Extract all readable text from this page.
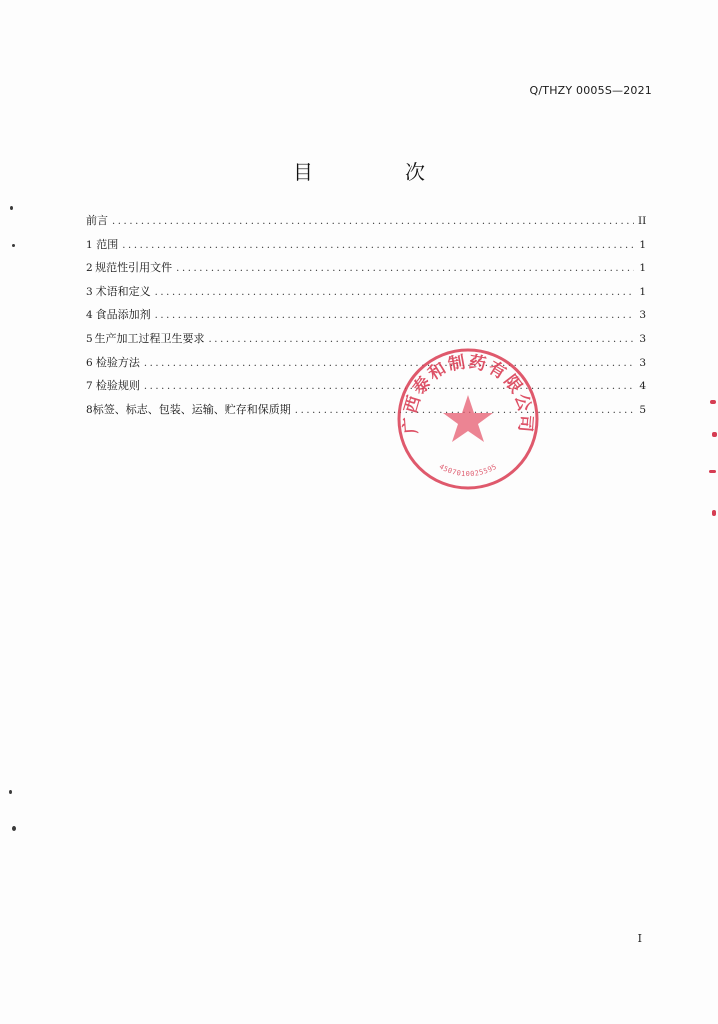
Q/THZY 0005S—2021
目　次
前言 .....	II
1 范围 .....	1
2 规范性引用文件 .....	1
3 术语和定义 .....	1
4 食品添加剂 .....	3
5 生产加工过程卫生要求 .....	3
6 检验方法 .....	3
7 检验规则 .....	4
8 标签、标志、包装、运输、贮存和保质期 .....	5
广西泰和制药有限公司
4507010025595
I
